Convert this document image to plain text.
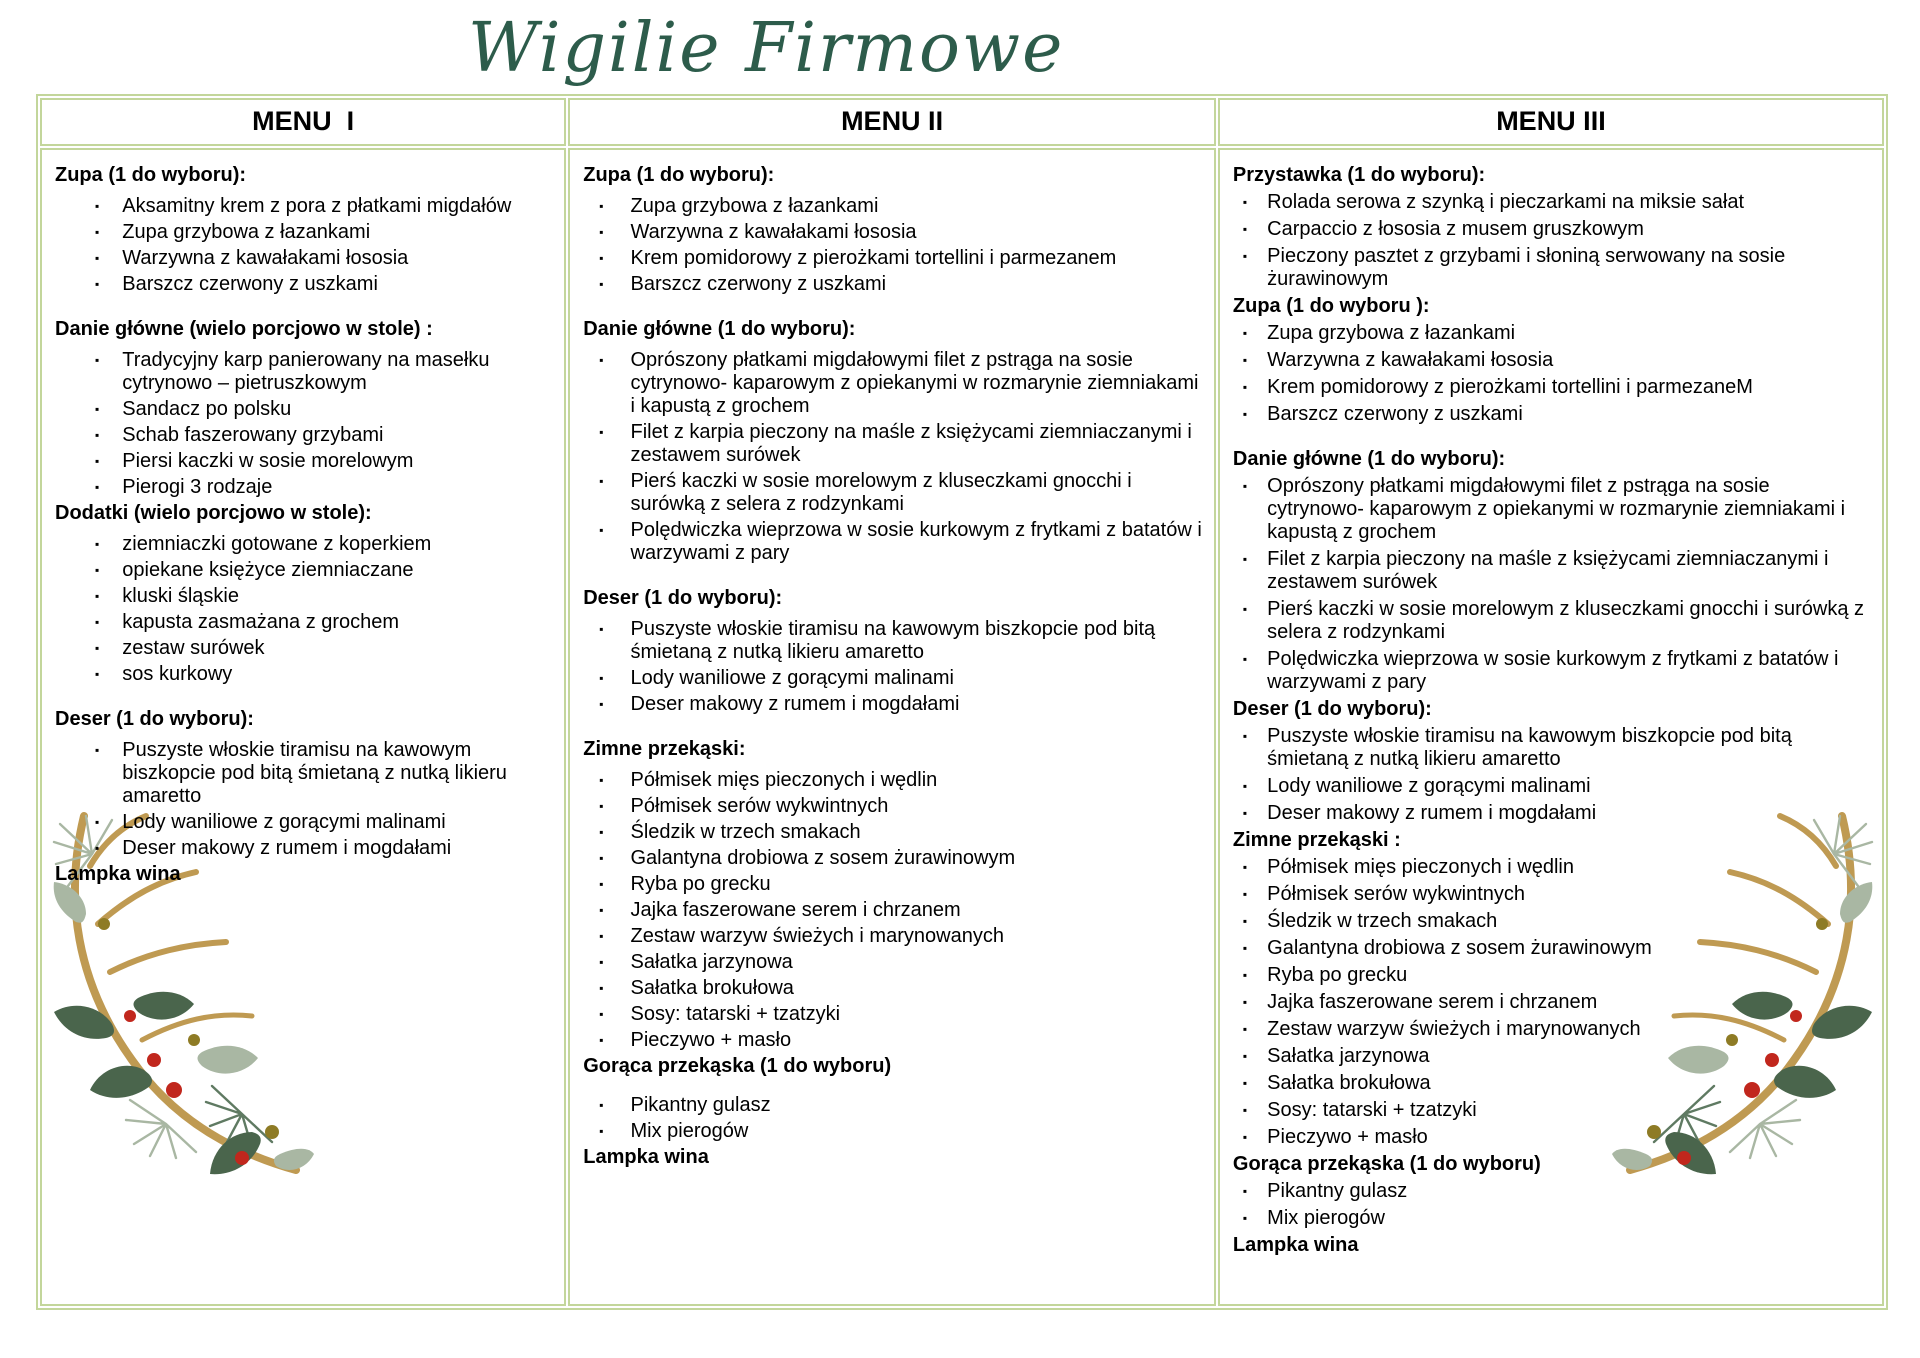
Wigilie Firmowe
MENU  I	MENU II	MENU III
Zupa (1 do wyboru):
▪ Aksamitny krem z pora z płatkami migdałów
▪ Zupa grzybowa z łazankami
▪ Warzywna z kawałakami łososia
▪ Barszcz czerwony z uszkami
Danie główne (wielo porcjowo w stole) :
▪ Tradycyjny karp panierowany na masełku cytrynowo – pietruszkowym
▪ Sandacz po polsku
▪ Schab faszerowany grzybami
▪ Piersi kaczki w sosie morelowym
▪ Pierogi 3 rodzaje
Dodatki (wielo porcjowo w stole):
▪ ziemniaczki gotowane z koperkiem
▪ opiekane księżyce ziemniaczane
▪ kluski śląskie
▪ kapusta zasmażana z grochem
▪ zestaw surówek
▪ sos kurkowy
Deser (1 do wyboru):
▪ Puszyste włoskie tiramisu na kawowym biszkopcie pod bitą śmietaną z nutką likieru amaretto
▪ Lody waniliowe z gorącymi malinami
▪ Deser makowy z rumem i mogdałami
Lampka wina
Zupa (1 do wyboru):
▪ Zupa grzybowa z łazankami
▪ Warzywna z kawałakami łososia
▪ Krem pomidorowy z pierożkami tortellini i parmezanem
▪ Barszcz czerwony z uszkami
Danie główne (1 do wyboru):
▪ Oprószony płatkami migdałowymi filet z pstrąga na sosie cytrynowo- kaparowym z opiekanymi w rozmarynie ziemniakami i kapustą z grochem
▪ Filet z karpia pieczony na maśle z księżycami ziemniaczanymi i zestawem surówek
▪ Pierś kaczki w sosie morelowym z kluseczkami gnocchi i surówką z selera z rodzynkami
▪ Polędwiczka wieprzowa w sosie kurkowym z frytkami z batatów i warzywami z pary
Deser (1 do wyboru):
▪ Puszyste włoskie tiramisu na kawowym biszkopcie pod bitą śmietaną z nutką likieru amaretto
▪ Lody waniliowe z gorącymi malinami
▪ Deser makowy z rumem i mogdałami
Zimne przekąski:
▪ Półmisek mięs pieczonych i wędlin
▪ Półmisek serów wykwintnych
▪ Śledzik w trzech smakach
▪ Galantyna drobiowa z sosem żurawinowym
▪ Ryba po grecku
▪ Jajka faszerowane serem i chrzanem
▪ Zestaw warzyw świeżych i marynowanych
▪ Sałatka jarzynowa
▪ Sałatka brokułowa
▪ Sosy: tatarski + tzatzyki
▪ Pieczywo + masło
Gorąca przekąska (1 do wyboru)
▪ Pikantny gulasz
▪ Mix pierogów
Lampka wina
Przystawka (1 do wyboru):
▪ Rolada serowa z szynką i pieczarkami na miksie sałat
▪ Carpaccio z łososia z musem gruszkowym
▪ Pieczony pasztet z grzybami i słoniną serwowany na sosie żurawinowym
Zupa (1 do wyboru ):
▪ Zupa grzybowa z łazankami
▪ Warzywna z kawałakami łososia
▪ Krem pomidorowy z pierożkami tortellini i parmezaneM
▪ Barszcz czerwony z uszkami
Danie główne (1 do wyboru):
▪ Oprószony płatkami migdałowymi filet z pstrąga na sosie cytrynowo- kaparowym z opiekanymi w rozmarynie ziemniakami i kapustą z grochem
▪ Filet z karpia pieczony na maśle z księżycami ziemniaczanymi i zestawem surówek
▪ Pierś kaczki w sosie morelowym z kluseczkami gnocchi i surówką z selera z rodzynkami
▪ Polędwiczka wieprzowa w sosie kurkowym z frytkami z batatów i warzywami z pary
Deser (1 do wyboru):
▪ Puszyste włoskie tiramisu na kawowym biszkopcie pod bitą śmietaną z nutką likieru amaretto
▪ Lody waniliowe z gorącymi malinami
▪ Deser makowy z rumem i mogdałami
Zimne przekąski :
▪ Półmisek mięs pieczonych i wędlin
▪ Półmisek serów wykwintnych
▪ Śledzik w trzech smakach
▪ Galantyna drobiowa z sosem żurawinowym
▪ Ryba po grecku
▪ Jajka faszerowane serem i chrzanem
▪ Zestaw warzyw świeżych i marynowanych
▪ Sałatka jarzynowa
▪ Sałatka brokułowa
▪ Sosy: tatarski + tzatzyki
▪ Pieczywo + masło
Gorąca przekąska (1 do wyboru)
▪ Pikantny gulasz
▪ Mix pierogów
Lampka wina
